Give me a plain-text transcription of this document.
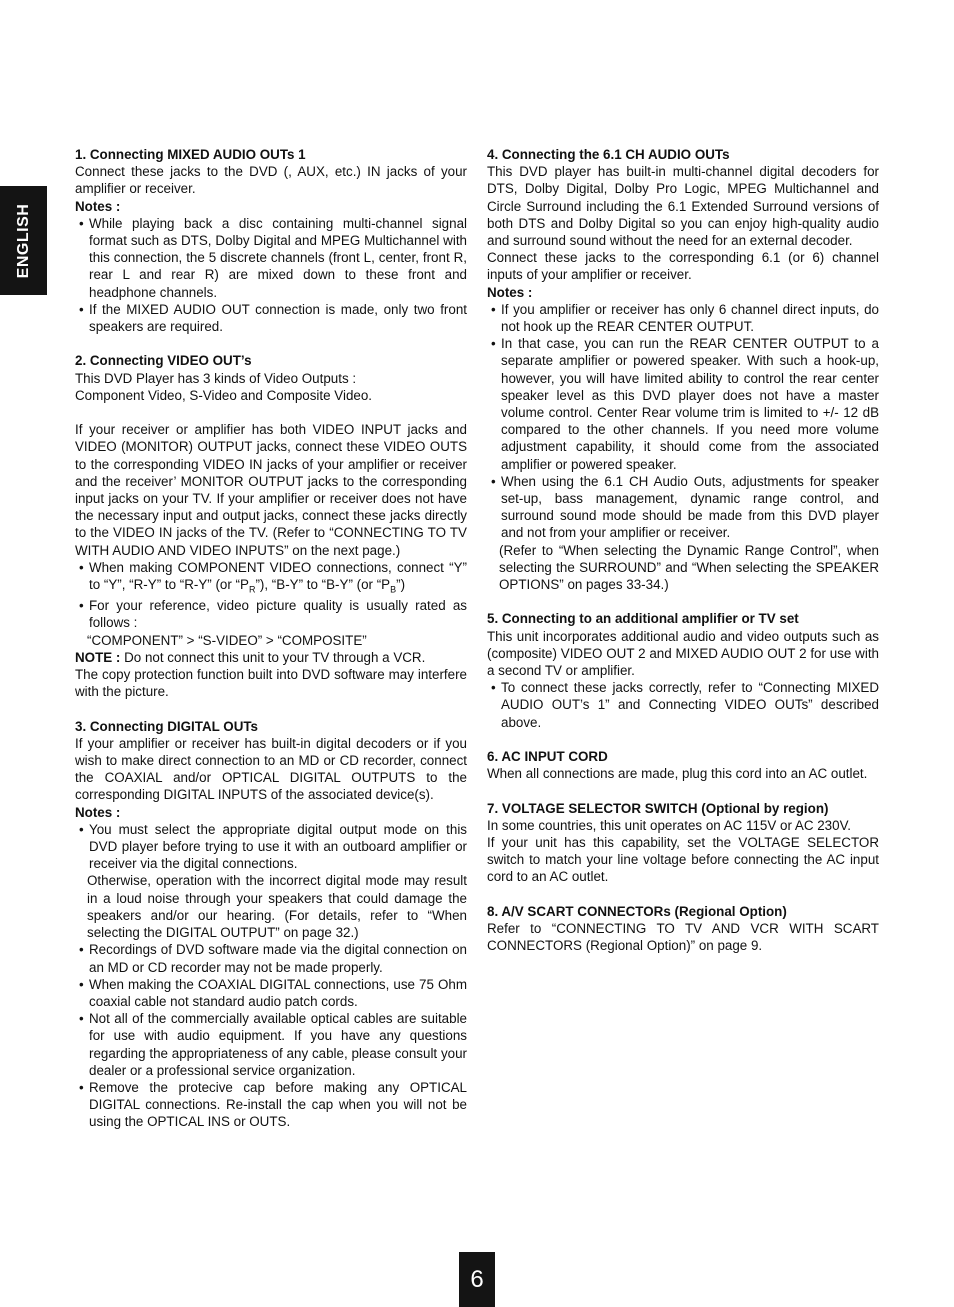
ENGLISH

1. Connecting MIXED AUDIO OUTs 1

Connect these jacks to the DVD (, AUX, etc.) IN jacks of your amplifier or receiver.

Notes :

• While playing back a disc containing multi-channel signal format such as DTS, Dolby Digital and MPEG Multichannel with this connection, the 5 discrete channels (front L, center, front R, rear L and rear R) are mixed down to these front and headphone channels.
• If the MIXED AUDIO OUT connection is made, only two front speakers are required.

2. Connecting VIDEO OUT’s

This DVD Player has 3 kinds of Video Outputs :

Component Video, S-Video and Composite Video.

If your receiver or amplifier has both VIDEO INPUT jacks and VIDEO (MONITOR) OUTPUT jacks, connect these VIDEO OUTS to the corresponding VIDEO IN jacks of your amplifier or receiver and the receiver’ MONITOR OUTPUT jacks to the corresponding input jacks on your TV. If your amplifier or receiver does not have the necessary input and output jacks, connect these jacks directly to the VIDEO IN jacks of the TV. (Refer to “CONNECTING TO TV WITH AUDIO AND VIDEO INPUTS” on the next page.)

• When making COMPONENT VIDEO connections, connect “Y” to “Y”, “R-Y” to “R-Y” (or “$P_R$”), “B-Y” to “B-Y” (or “$P_B$”)
• For your reference, video picture quality is usually rated as follows :

“COMPONENT” > “S-VIDEO” > “COMPOSITE”

NOTE : Do not connect this unit to your TV through a VCR.

The copy protection function built into DVD software may interfere with the picture.

3. Connecting DIGITAL OUTs

If your amplifier or receiver has built-in digital decoders or if you wish to make direct connection to an MD or CD recorder, connect the COAXIAL and/or OPTICAL DIGITAL OUTPUTS to the corresponding DIGITAL INPUTS of the associated device(s).

Notes :

• You must select the appropriate digital output mode on this DVD player before trying to use it with an outboard amplifier or receiver via the digital connections.

Otherwise, operation with the incorrect digital mode may result in a loud noise through your speakers that could damage the speakers and/or our hearing. (For details, refer to “When selecting the DIGITAL OUTPUT” on page 32.)

• Recordings of DVD software made via the digital connection on an MD or CD recorder may not be made properly.
• When making the COAXIAL DIGITAL connections, use 75 Ohm coaxial cable not standard audio patch cords.
• Not all of the commercially available optical cables are suitable for use with audio equipment. If you have any questions regarding the appropriateness of any cable, please consult your dealer or a professional service organization.
• Remove the protecive cap before making any OPTICAL DIGITAL connections. Re-install the cap when you will not be using the OPTICAL INS or OUTS.

4. Connecting the 6.1 CH AUDIO OUTs

This DVD player has built-in multi-channel digital decoders for DTS, Dolby Digital, Dolby Pro Logic, MPEG Multichannel and Circle Surround including the 6.1 Extended Surround versions of both DTS and Dolby Digital so you can enjoy high-quality audio and surround sound without the need for an external decoder.

Connect these jacks to the corresponding 6.1 (or 6) channel inputs of your amplifier or receiver.

Notes :

• If you amplifier or receiver has only 6 channel direct inputs, do not hook up the REAR CENTER OUTPUT.
• In that case, you can run the REAR CENTER OUTPUT to a separate amplifier or powered speaker. With such a hook-up, however, you will have limited ability to control the rear center speaker level as this DVD player does not have a master volume control. Center Rear volume trim is limited to +/- 12 dB compared to the other channels. If you need more volume adjustment capability, it should come from the associated amplifier or powered speaker.
• When using the 6.1 CH Audio Outs, adjustments for speaker set-up, bass management, dynamic range control, and surround sound mode should be made from this DVD player and not from your amplifier or receiver.

(Refer to “When selecting the Dynamic Range Control”, when selecting the SURROUND” and “When selecting the SPEAKER OPTIONS” on pages 33-34.)

5. Connecting to an additional amplifier or TV set

This unit incorporates additional audio and video outputs such as (composite) VIDEO OUT 2 and MIXED AUDIO OUT 2 for use with a second TV or amplifier.

• To connect these jacks correctly, refer to “Connecting MIXED AUDIO OUT’s 1” and Connecting VIDEO OUTs” described above.

6. AC INPUT CORD

When all connections are made, plug this cord into an AC outlet.

7. VOLTAGE SELECTOR SWITCH (Optional by region)

In some countries, this unit operates on AC 115V or AC 230V.

If your unit has this capability, set the VOLTAGE SELECTOR switch to match your line voltage before connecting the AC input cord to an AC outlet.

8. A/V SCART CONNECTORs (Regional Option)

Refer to “CONNECTING TO TV AND VCR WITH SCART CONNECTORS (Regional Option)” on page 9.

6
